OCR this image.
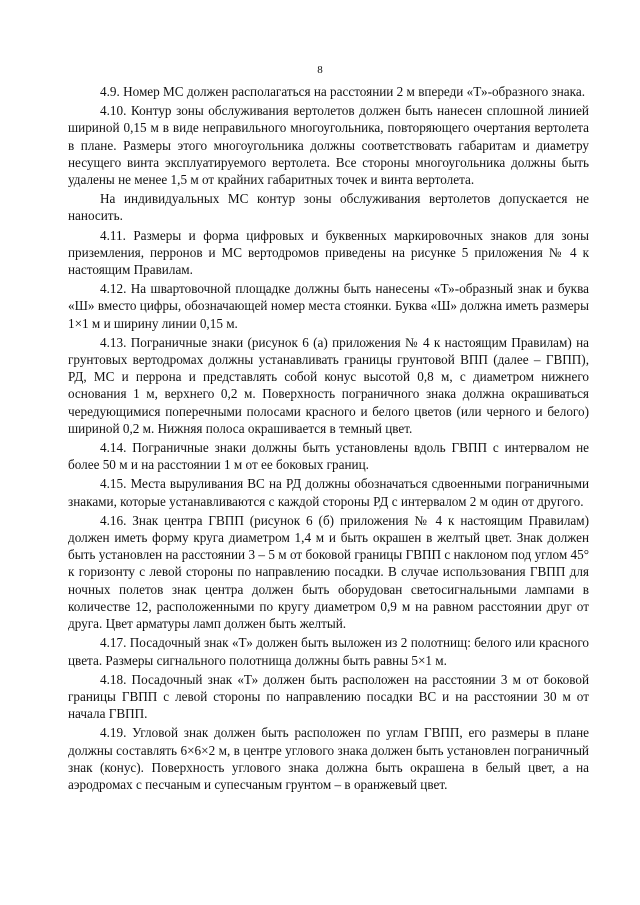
8

4.9. Номер МС должен располагаться на расстоянии 2 м впереди «Т»-образного знака.

4.10. Контур зоны обслуживания вертолетов должен быть нанесен сплошной линией шириной 0,15 м в виде неправильного многоугольника, повторяющего очертания вертолета в плане. Размеры этого многоугольника должны соответствовать габаритам и диаметру несущего винта эксплуатируемого вертолета. Все стороны многоугольника должны быть удалены не менее 1,5 м от крайних габаритных точек и винта вертолета.

На индивидуальных МС контур зоны обслуживания вертолетов допускается не наносить.

4.11. Размеры и форма цифровых и буквенных маркировочных знаков для зоны приземления, перронов и МС вертодромов приведены на рисунке 5 приложения № 4 к настоящим Правилам.

4.12. На швартовочной площадке должны быть нанесены «Т»-образный знак и буква «Ш» вместо цифры, обозначающей номер места стоянки. Буква «Ш» должна иметь размеры 1×1 м и ширину линии 0,15 м.

4.13. Пограничные знаки (рисунок 6 (а) приложения № 4 к настоящим Правилам) на грунтовых вертодромах должны устанавливать границы грунтовой ВПП (далее – ГВПП), РД, МС и перрона и представлять собой конус высотой 0,8 м, с диаметром нижнего основания 1 м, верхнего 0,2 м. Поверхность пограничного знака должна окрашиваться чередующимися поперечными полосами красного и белого цветов (или черного и белого) шириной 0,2 м. Нижняя полоса окрашивается в темный цвет.

4.14. Пограничные знаки должны быть установлены вдоль ГВПП с интервалом не более 50 м и на расстоянии 1 м от ее боковых границ.

4.15. Места выруливания ВС на РД должны обозначаться сдвоенными пограничными знаками, которые устанавливаются с каждой стороны РД с интервалом 2 м один от другого.

4.16. Знак центра ГВПП (рисунок 6 (б) приложения № 4 к настоящим Правилам) должен иметь форму круга диаметром 1,4 м и быть окрашен в желтый цвет. Знак должен быть установлен на расстоянии 3 – 5 м от боковой границы ГВПП с наклоном под углом 45° к горизонту с левой стороны по направлению посадки. В случае использования ГВПП для ночных полетов знак центра должен быть оборудован светосигнальными лампами в количестве 12, расположенными по кругу диаметром 0,9 м на равном расстоянии друг от друга. Цвет арматуры ламп должен быть желтый.

4.17. Посадочный знак «Т» должен быть выложен из 2 полотнищ: белого или красного цвета. Размеры сигнального полотнища должны быть равны 5×1 м.

4.18. Посадочный знак «Т» должен быть расположен на расстоянии 3 м от боковой границы ГВПП с левой стороны по направлению посадки ВС и на расстоянии 30 м от начала ГВПП.

4.19. Угловой знак должен быть расположен по углам ГВПП, его размеры в плане должны составлять 6×6×2 м, в центре углового знака должен быть установлен пограничный знак (конус). Поверхность углового знака должна быть окрашена в белый цвет, а на аэродромах с песчаным и супесчаным грунтом – в оранжевый цвет.
